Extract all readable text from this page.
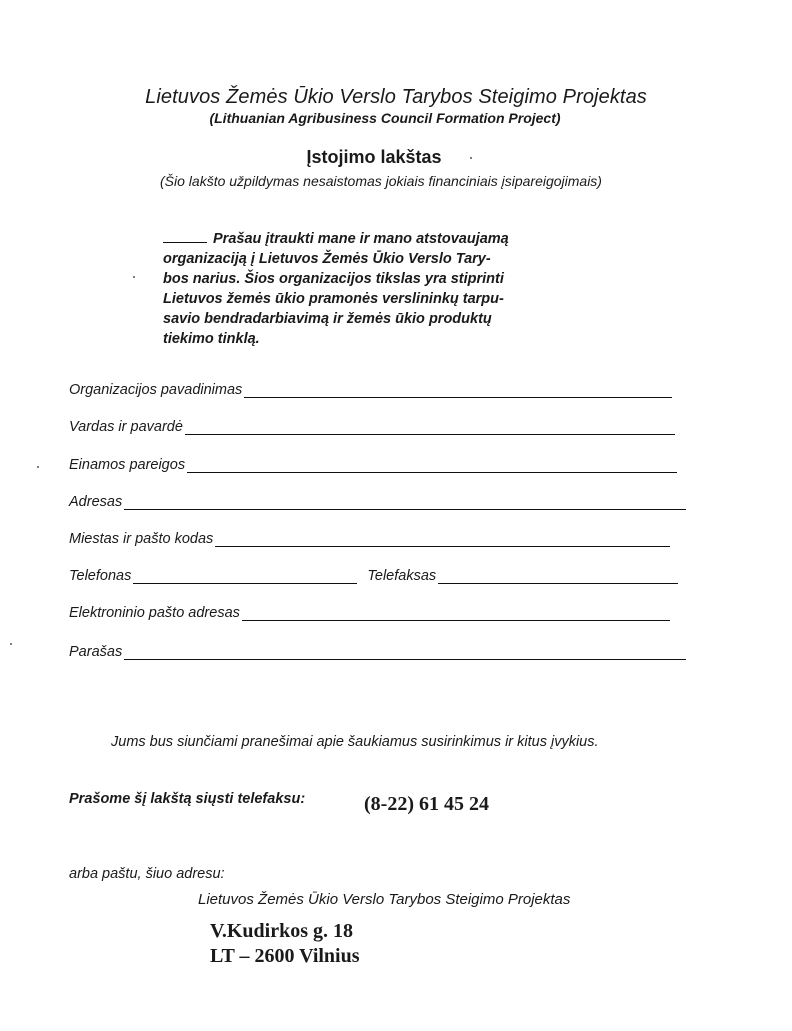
Lietuvos Žemės Ūkio Verslo Tarybos Steigimo Projektas
(Lithuanian Agribusiness Council Formation Project)
Įstojimo lakštas
(Šio lakšto užpildymas nesaistomas jokiais financiniais įsipareigojimais)
Prašau įtraukti mane ir mano atstovaujamą
organizaciją į Lietuvos Žemės Ūkio Verslo Tary-
bos narius. Šios organizacijos tikslas yra stiprinti
Lietuvos žemės ūkio pramonės verslininkų tarpu-
savio bendradarbiavimą ir žemės ūkio produktų
tiekimo tinklą.
Organizacijos pavadinimas
Vardas ir pavardė
Einamos pareigos
Adresas
Miestas ir pašto kodas
Telefonas	Telefaksas
Elektroninio pašto adresas
Parašas
Jums bus siunčiami pranešimai apie šaukiamus susirinkimus ir kitus įvykius.
Prašome šį lakštą siųsti telefaksu:	(8-22) 61 45 24
arba paštu, šiuo adresu:
Lietuvos Žemės Ūkio Verslo Tarybos Steigimo Projektas
V.Kudirkos g. 18
LT – 2600 Vilnius
